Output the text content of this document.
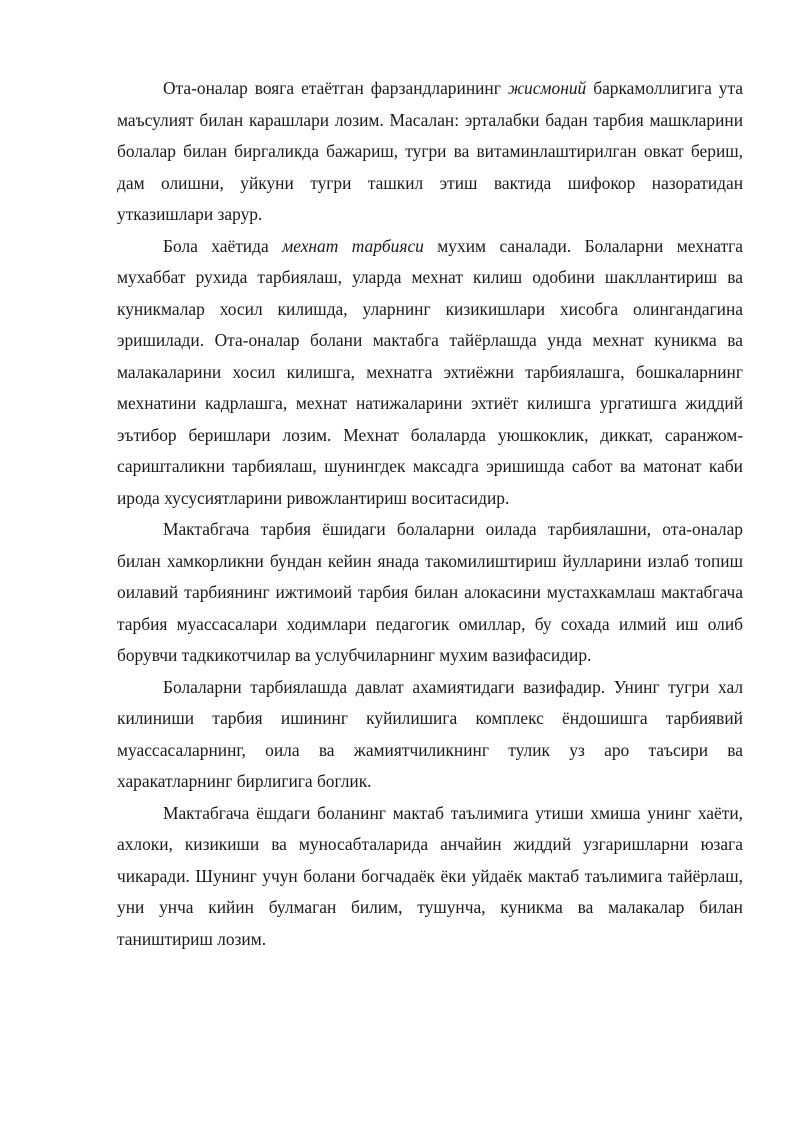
Ота-оналар вояга етаётган фарзандларининг жисмоний баркамоллигига ута маъсулият билан карашлари лозим. Масалан: эрталабки бадан тарбия машкларини болалар билан биргаликда бажариш, тугри ва витаминлаштирилган овкат бериш, дам олишни, уйкуни тугри ташкил этиш вактида шифокор назоратидан утказишлари зарур.

Бола хаётида мехнат тарбияси мухим саналади. Болаларни мехнатга мухаббат рухида тарбиялаш, уларда мехнат килиш одобини шакллантириш ва куникмалар хосил килишда, уларнинг кизикишлари хисобга олингандагина эришилади. Ота-оналар болани мактабга тайёрлашда унда мехнат куникма ва малакаларини хосил килишга, мехнатга эхтиёжни тарбиялашга, бошкаларнинг мехнатини кадрлашга, мехнат натижаларини эхтиёт килишга ургатишга жиддий эътибор беришлари лозим. Мехнат болаларда уюшкоклик, диккат, саранжом-саришталикни тарбиялаш, шунингдек максадга эришишда сабот ва матонат каби ирода хусусиятларини ривожлантириш воситасидир.

Мактабгача тарбия ёшидаги болаларни оилада тарбиялашни, ота-оналар билан хамкорликни бундан кейин янада такомилиштириш йулларини излаб топиш оилавий тарбиянинг ижтимоий тарбия билан алокасини мустахкамлаш мактабгача тарбия муассасалари ходимлари педагогик омиллар, бу сохада илмий иш олиб борувчи тадкикотчилар ва услубчиларнинг мухим вазифасидир.

Болаларни тарбиялашда давлат ахамиятидаги вазифадир. Унинг тугри хал килиниши тарбия ишининг куйилишига комплекс ёндошишга тарбиявий муассасаларнинг, оила ва жамиятчиликнинг тулик уз аро таъсири ва харакатларнинг бирлигига боглик.

Мактабгача ёшдаги боланинг мактаб таълимига утиши хмиша унинг хаёти, ахлоки, кизикиши ва муносабталарида анчайин жиддий узгаришларни юзага чикаради. Шунинг учун болани богчадаёк ёки уйдаёк мактаб таълимига тайёрлаш, уни унча кийин булмаган билим, тушунча, куникма ва малакалар билан таништириш лозим.
